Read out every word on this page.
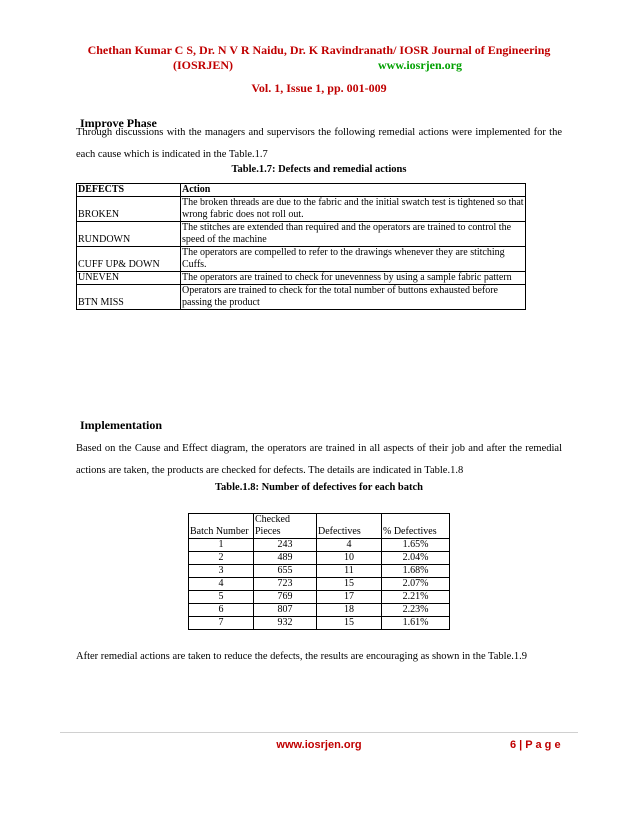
Chethan Kumar C S, Dr. N V R Naidu, Dr. K Ravindranath/ IOSR Journal of Engineering
(IOSRJEN)	www.iosrjen.org
Vol. 1, Issue 1, pp. 001-009
Improve Phase
Through discussions with the managers and supervisors the following remedial actions were implemented for the each cause which is indicated in the Table.1.7
Table.1.7: Defects and remedial actions
DEFECTS	Action
BROKEN	The broken threads are due to the fabric and the initial swatch test is tightened so that wrong fabric does not roll out.
RUNDOWN	The stitches are extended than required and the operators are trained to control the speed of the machine
CUFF UP& DOWN	The operators are compelled to refer to the drawings whenever they are stitching Cuffs.
UNEVEN	The operators are trained to check for unevenness by using a sample fabric pattern
BTN MISS	Operators are trained to check for the total number of buttons exhausted before passing the product
Implementation
Based on the Cause and Effect diagram, the operators are trained in all aspects of their job and after the remedial actions are taken, the products are checked for defects. The details are indicated in Table.1.8
Table.1.8: Number of defectives for each batch
Batch Number	Checked Pieces	Defectives	% Defectives
1	243	4	1.65%
2	489	10	2.04%
3	655	11	1.68%
4	723	15	2.07%
5	769	17	2.21%
6	807	18	2.23%
7	932	15	1.61%
After remedial actions are taken to reduce the defects, the results are encouraging as shown in the Table.1.9
www.iosrjen.org	6 | P a g e
